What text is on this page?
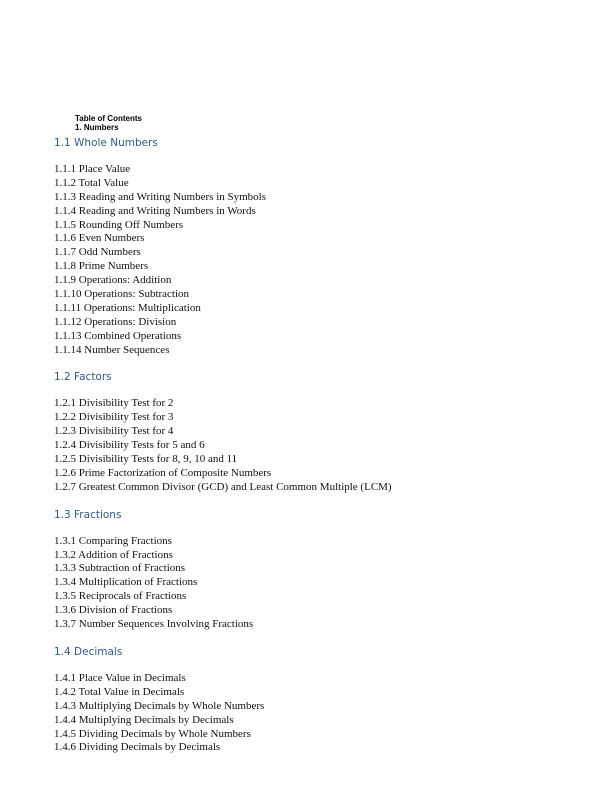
Table of Contents
1. Numbers
1.1 Whole Numbers
1.1.1 Place Value
1.1.2 Total Value
1.1.3 Reading and Writing Numbers in Symbols
1.1.4 Reading and Writing Numbers in Words
1.1.5 Rounding Off Numbers
1.1.6 Even Numbers
1.1.7 Odd Numbers
1.1.8 Prime Numbers
1.1.9 Operations: Addition
1.1.10 Operations: Subtraction
1.1.11 Operations: Multiplication
1.1.12 Operations: Division
1.1.13 Combined Operations
1.1.14 Number Sequences
1.2 Factors
1.2.1 Divisibility Test for 2
1.2.2 Divisibility Test for 3
1.2.3 Divisibility Test for 4
1.2.4 Divisibility Tests for 5 and 6
1.2.5 Divisibility Tests for 8, 9, 10 and 11
1.2.6 Prime Factorization of Composite Numbers
1.2.7 Greatest Common Divisor (GCD) and Least Common Multiple (LCM)
1.3 Fractions
1.3.1 Comparing Fractions
1.3.2 Addition of Fractions
1.3.3 Subtraction of Fractions
1.3.4 Multiplication of Fractions
1.3.5 Reciprocals of Fractions
1.3.6 Division of Fractions
1.3.7 Number Sequences Involving Fractions
1.4 Decimals
1.4.1 Place Value in Decimals
1.4.2 Total Value in Decimals
1.4.3 Multiplying Decimals by Whole Numbers
1.4.4 Multiplying Decimals by Decimals
1.4.5 Dividing Decimals by Whole Numbers
1.4.6 Dividing Decimals by Decimals
